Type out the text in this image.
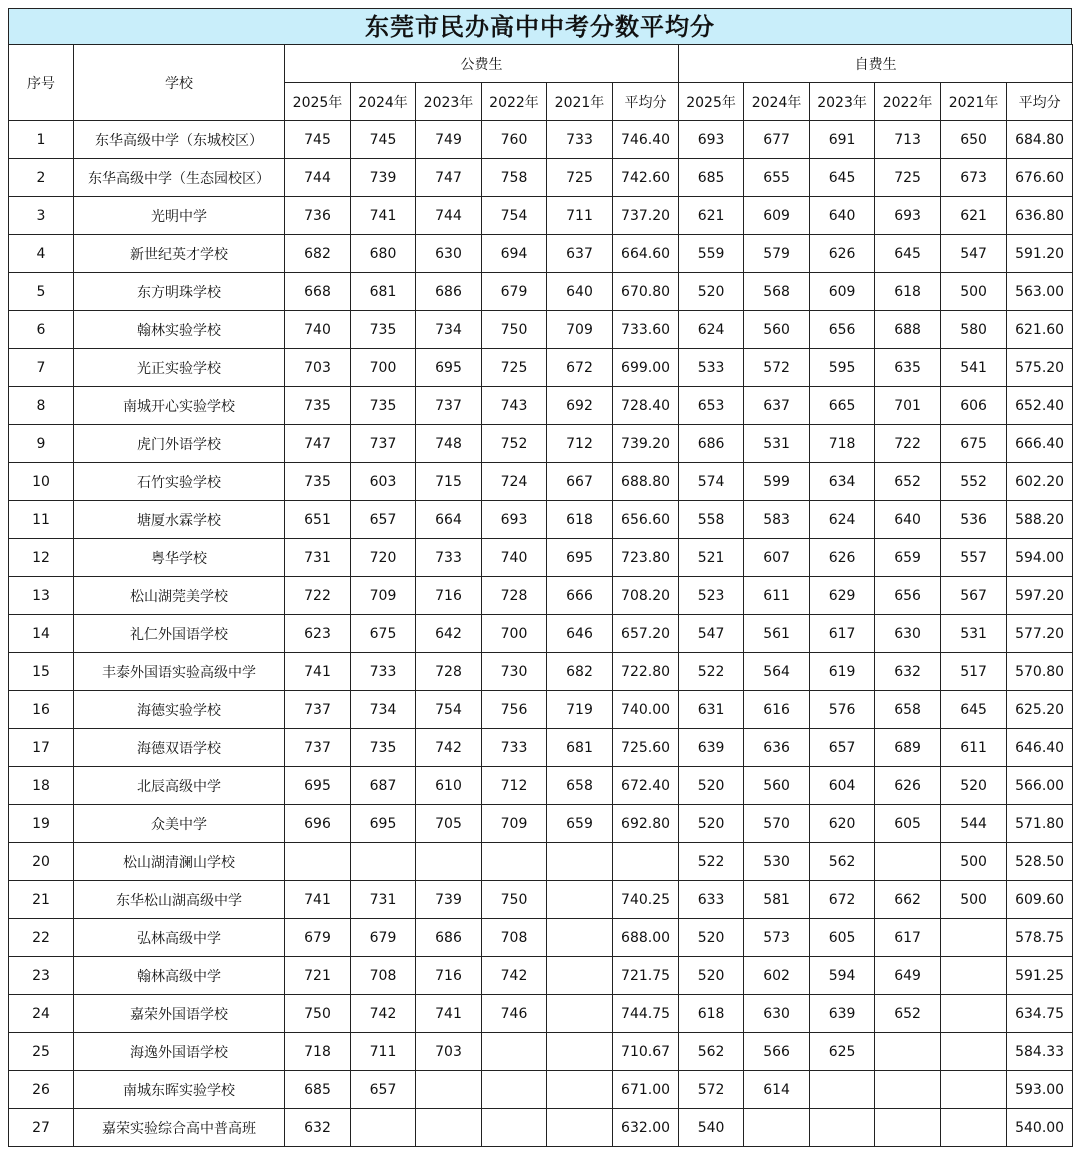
东莞市民办高中中考分数平均分
序号	学校	公费生						自费生					
		2025年	2024年	2023年	2022年	2021年	平均分	2025年	2024年	2023年	2022年	2021年	平均分
1	东华高级中学（东城校区）	745	745	749	760	733	746.40	693	677	691	713	650	684.80
2	东华高级中学（生态园校区）	744	739	747	758	725	742.60	685	655	645	725	673	676.60
3	光明中学	736	741	744	754	711	737.20	621	609	640	693	621	636.80
4	新世纪英才学校	682	680	630	694	637	664.60	559	579	626	645	547	591.20
5	东方明珠学校	668	681	686	679	640	670.80	520	568	609	618	500	563.00
6	翰林实验学校	740	735	734	750	709	733.60	624	560	656	688	580	621.60
7	光正实验学校	703	700	695	725	672	699.00	533	572	595	635	541	575.20
8	南城开心实验学校	735	735	737	743	692	728.40	653	637	665	701	606	652.40
9	虎门外语学校	747	737	748	752	712	739.20	686	531	718	722	675	666.40
10	石竹实验学校	735	603	715	724	667	688.80	574	599	634	652	552	602.20
11	塘厦水霖学校	651	657	664	693	618	656.60	558	583	624	640	536	588.20
12	粤华学校	731	720	733	740	695	723.80	521	607	626	659	557	594.00
13	松山湖莞美学校	722	709	716	728	666	708.20	523	611	629	656	567	597.20
14	礼仁外国语学校	623	675	642	700	646	657.20	547	561	617	630	531	577.20
15	丰泰外国语实验高级中学	741	733	728	730	682	722.80	522	564	619	632	517	570.80
16	海德实验学校	737	734	754	756	719	740.00	631	616	576	658	645	625.20
17	海德双语学校	737	735	742	733	681	725.60	639	636	657	689	611	646.40
18	北辰高级中学	695	687	610	712	658	672.40	520	560	604	626	520	566.00
19	众美中学	696	695	705	709	659	692.80	520	570	620	605	544	571.80
20	松山湖清澜山学校							522	530	562		500	528.50
21	东华松山湖高级中学	741	731	739	750		740.25	633	581	672	662	500	609.60
22	弘林高级中学	679	679	686	708		688.00	520	573	605	617		578.75
23	翰林高级中学	721	708	716	742		721.75	520	602	594	649		591.25
24	嘉荣外国语学校	750	742	741	746		744.75	618	630	639	652		634.75
25	海逸外国语学校	718	711	703			710.67	562	566	625			584.33
26	南城东晖实验学校	685	657				671.00	572	614				593.00
27	嘉荣实验综合高中普高班	632					632.00	540					540.00
